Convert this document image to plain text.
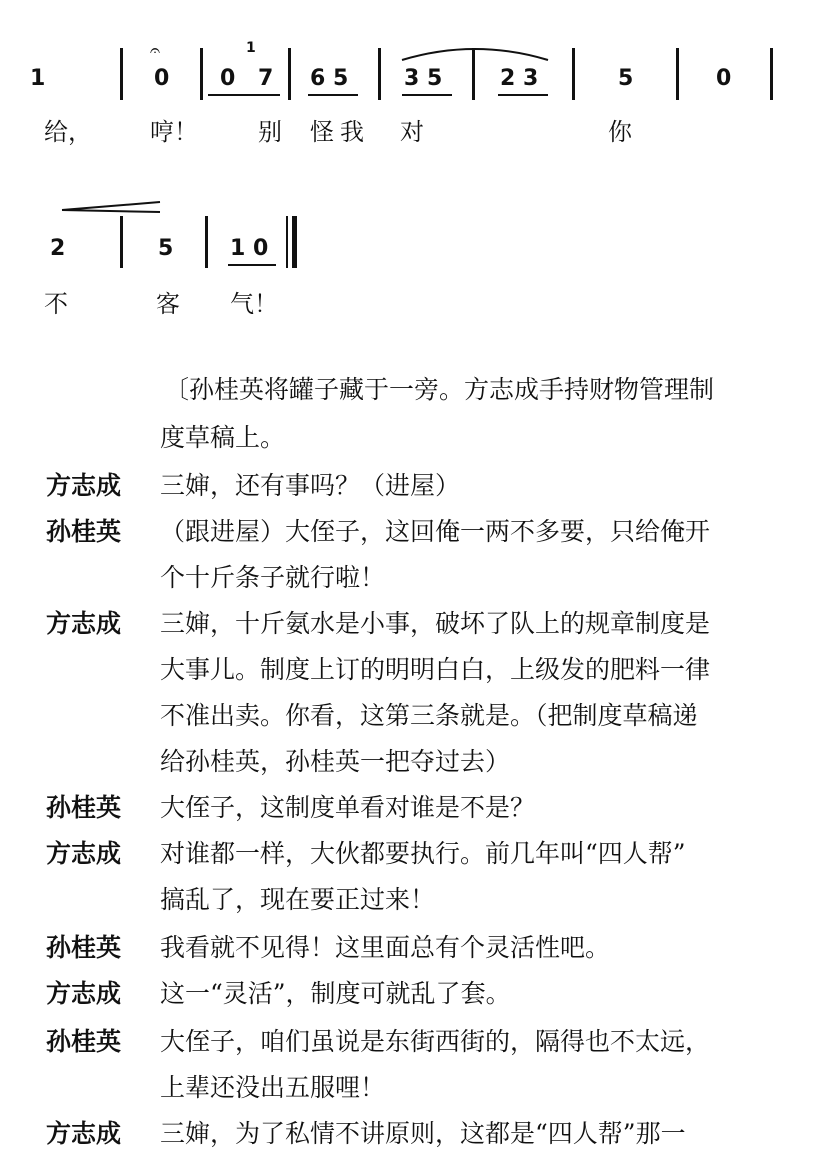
1
𝄐
0 0
1
7 6 5	3 5	2 3	5	0
给， 哼！	别 怪 我 对	你
2	5	1 0
不	客 气！
〔孙桂英将罐子藏于一旁。方志成手持财物管理制
度草稿上。
方志成 三婶，还有事吗？（进屋）
孙桂英 （跟进屋）大侄子，这回俺一两不多要，只给俺开
个十斤条子就行啦！
方志成 三婶，十斤氨水是小事，破坏了队上的规章制度是
大事儿。制度上订的明明白白，上级发的肥料一律
不准出卖。你看，这第三条就是。（把制度草稿递
给孙桂英，孙桂英一把夺过去）
孙桂英 大侄子，这制度单看对谁是不是？
方志成 对谁都一样，大伙都要执行。前几年叫“四人帮”
搞乱了，现在要正过来！
孙桂英 我看就不见得！这里面总有个灵活性吧。
方志成 这一“灵活”，制度可就乱了套。
孙桂英 大侄子，咱们虽说是东街西街的，隔得也不太远，
上辈还没出五服哩！
方志成 三婶，为了私情不讲原则，这都是“四人帮”那一
